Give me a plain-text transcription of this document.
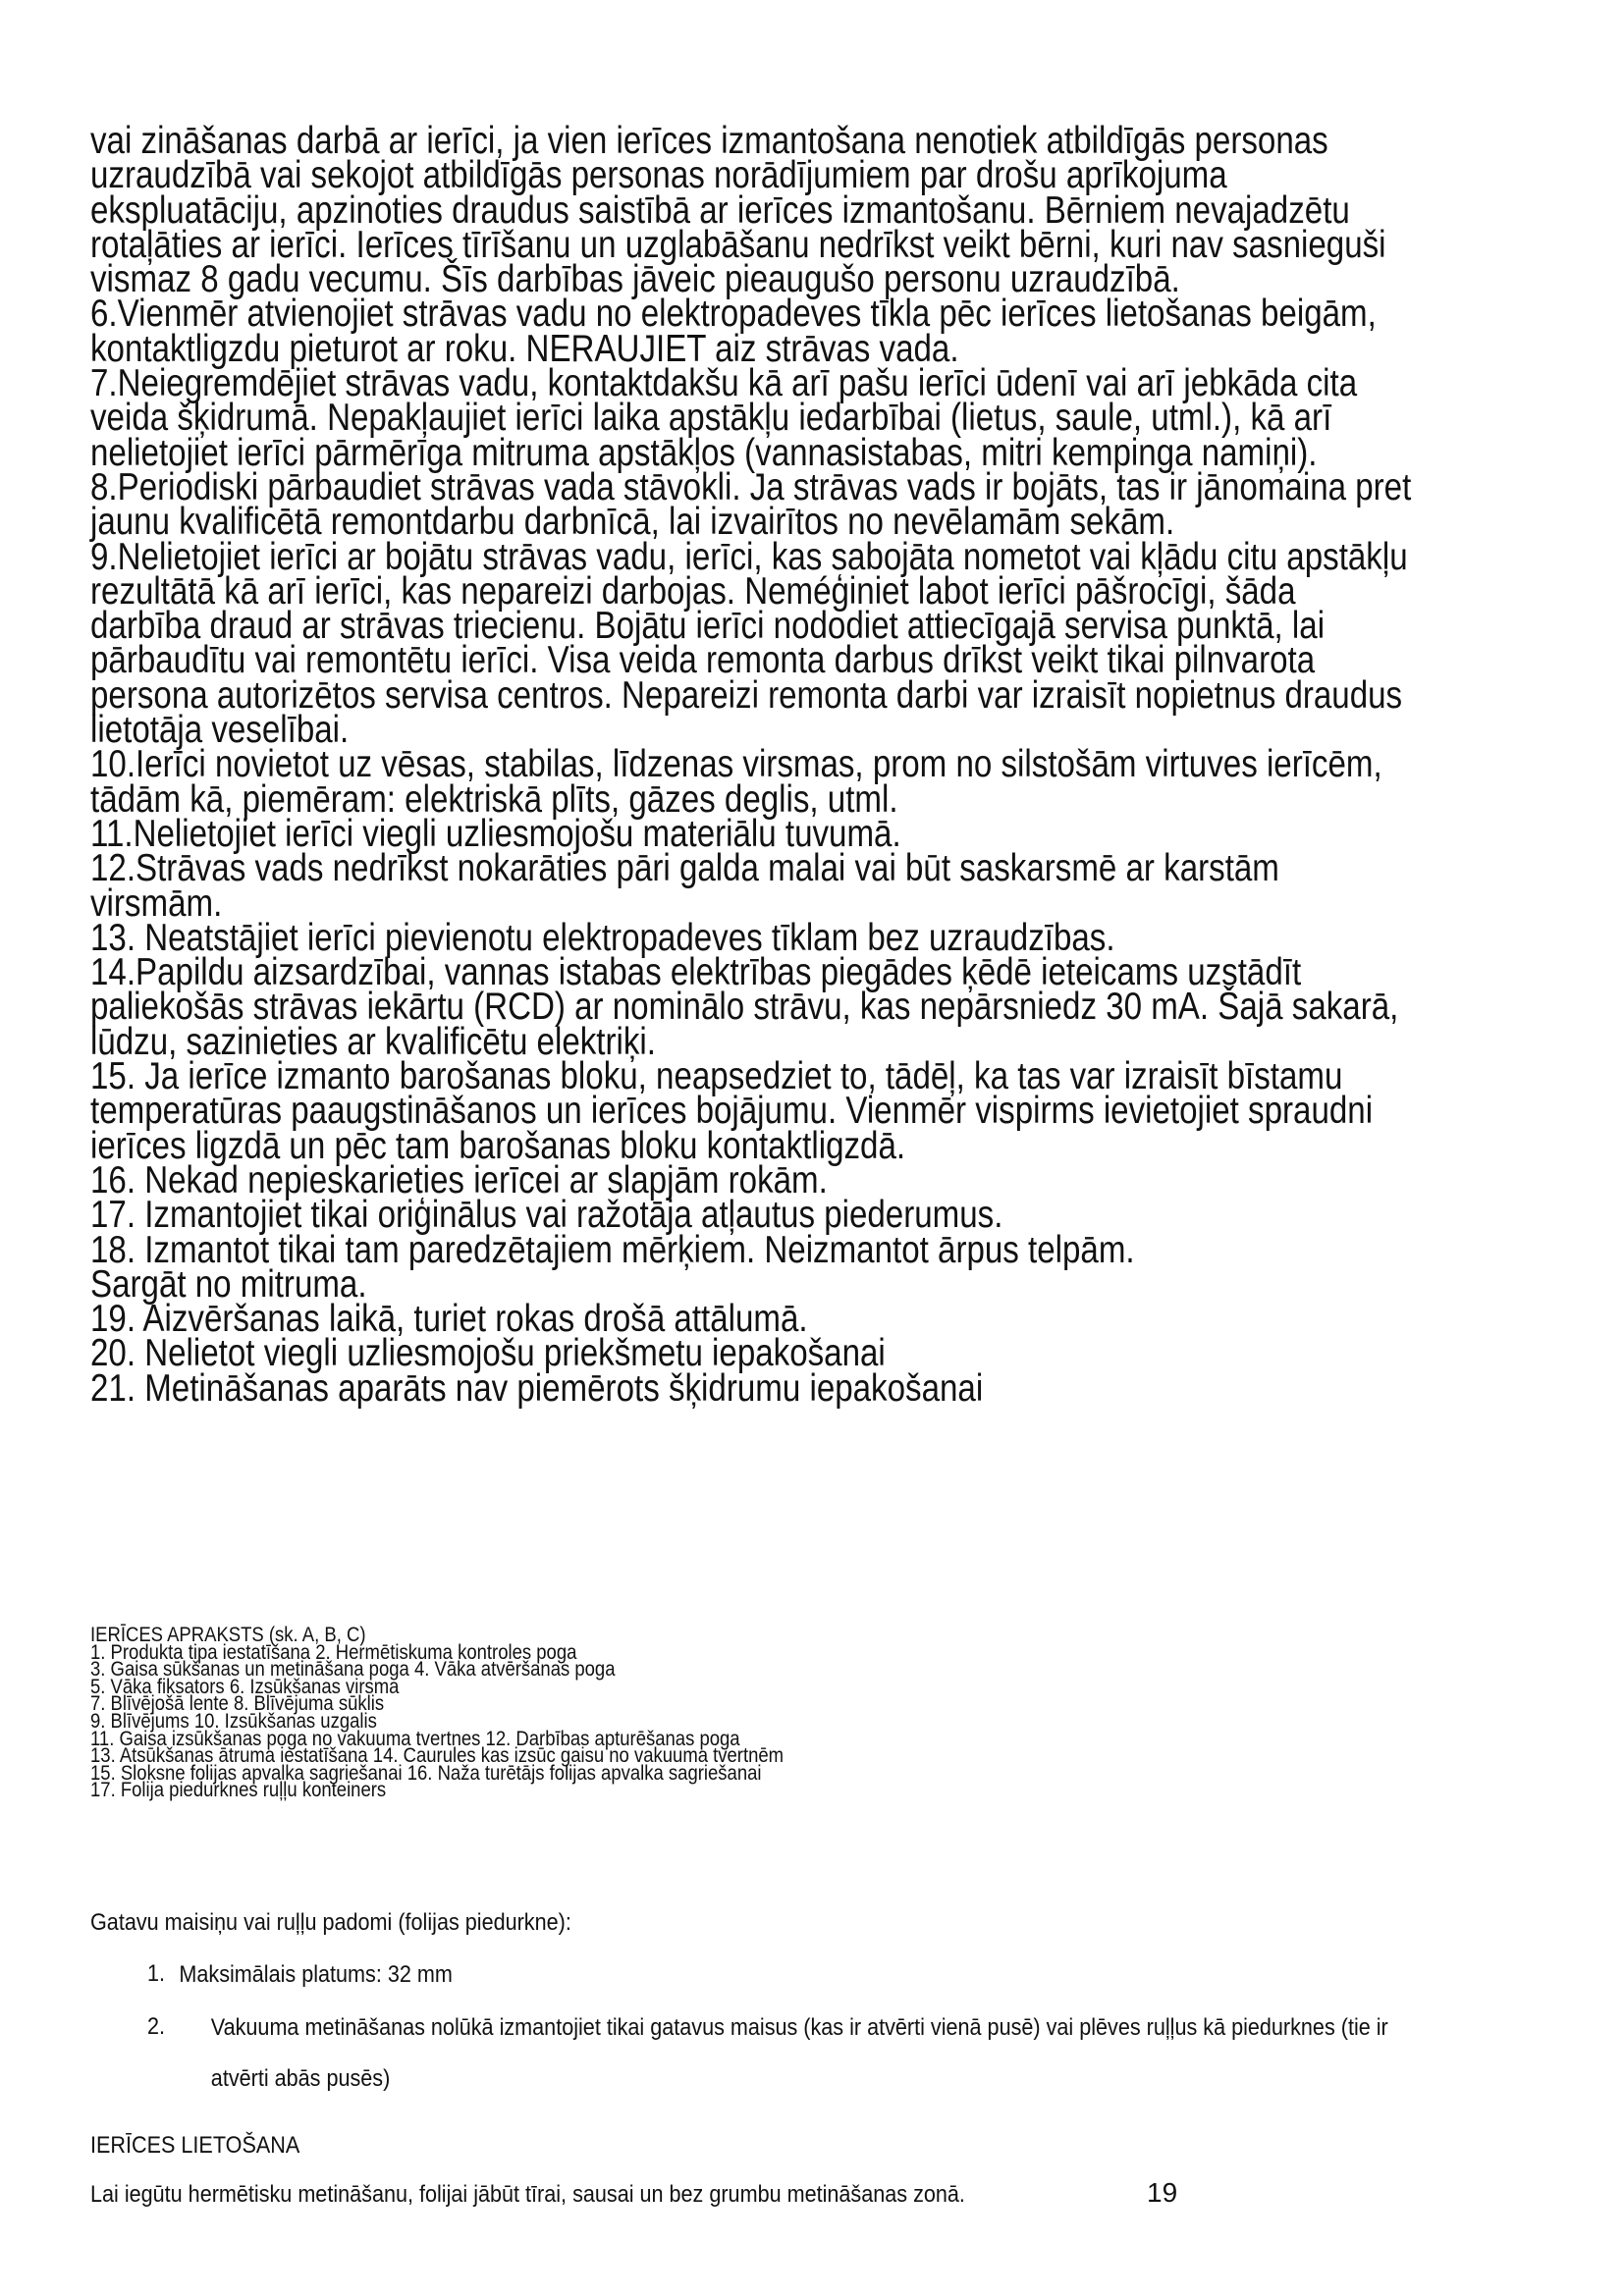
vai zināšanas darbā ar ierīci, ja vien ierīces izmantošana nenotiek atbildīgās personas

uzraudzībā vai sekojot atbildīgās personas norādījumiem par drošu aprīkojuma

ekspluatāciju, apzinoties draudus saistībā ar ierīces izmantošanu. Bērniem nevajadzētu

rotaļāties ar ierīci. Ierīces tīrīšanu un uzglabāšanu nedrīkst veikt bērni, kuri nav sasnieguši

vismaz 8 gadu vecumu. Šīs darbības jāveic pieaugušo personu uzraudzībā.

6.Vienmēr atvienojiet strāvas vadu no elektropadeves tīkla pēc ierīces lietošanas beigām,

kontaktligzdu pieturot ar roku. NERAUJIET aiz strāvas vada.

7.Neiegremdējiet strāvas vadu, kontaktdakšu kā arī pašu ierīci ūdenī vai arī jebkāda cita

veida šķidrumā. Nepakļaujiet ierīci laika apstākļu iedarbībai (lietus, saule, utml.), kā arī

nelietojiet ierīci pārmērīga mitruma apstākļos (vannasistabas, mitri kempinga namiņi).

8.Periodiski pārbaudiet strāvas vada stāvokli. Ja strāvas vads ir bojāts, tas ir jānomaina pret

jaunu kvalificētā remontdarbu darbnīcā, lai izvairītos no nevēlamām sekām.

9.Nelietojiet ierīci ar bojātu strāvas vadu, ierīci, kas sabojāta nometot vai kļādu citu apstākļu

rezultātā kā arī ierīci, kas nepareizi darbojas. Neméģiniet labot ierīci pāšrocīgi, šāda

darbība draud ar strāvas triecienu. Bojātu ierīci nododiet attiecīgajā servisa punktā, lai

pārbaudītu vai remontētu ierīci. Visa veida remonta darbus drīkst veikt tikai pilnvarota

persona autorizētos servisa centros. Nepareizi remonta darbi var izraisīt nopietnus draudus

lietotāja veselībai.

10.Ierīci novietot uz vēsas, stabilas, līdzenas virsmas, prom no silstošām virtuves ierīcēm,

tādām kā, piemēram: elektriskā plīts, gāzes deglis, utml.

11.Nelietojiet ierīci viegli uzliesmojošu materiālu tuvumā.

12.Strāvas vads nedrīkst nokarāties pāri galda malai vai būt saskarsmē ar karstām

virsmām.

13. Neatstājiet ierīci pievienotu elektropadeves tīklam bez uzraudzības.

14.Papildu aizsardzībai, vannas istabas elektrības piegādes ķēdē ieteicams uzstādīt

paliekošās strāvas iekārtu (RCD) ar nominālo strāvu, kas nepārsniedz 30 mA. Šajā sakarā,

lūdzu, sazinieties ar kvalificētu elektriķi.

15. Ja ierīce izmanto barošanas bloku, neapsedziet to, tādēļ, ka tas var izraisīt bīstamu

temperatūras paaugstināšanos un ierīces bojājumu. Vienmēr vispirms ievietojiet spraudni

ierīces ligzdā un pēc tam barošanas bloku kontaktligzdā.

16. Nekad nepieskarieties ierīcei ar slapjām rokām.

17. Izmantojiet tikai oriģinālus vai ražotāja atļautus piederumus.

18. Izmantot tikai tam paredzētajiem mērķiem. Neizmantot ārpus telpām.

Sargāt no mitruma.

19. Aizvēršanas laikā, turiet rokas drošā attālumā.

20. Nelietot viegli uzliesmojošu priekšmetu iepakošanai

21. Metināšanas aparāts nav piemērots šķidrumu iepakošanai

IERĪCES APRAKSTS (sk. A, B, C)

1. Produkta tipa iestatīšana 2. Hermētiskuma kontroles poga

3. Gaisa sūkšanas un metināšana poga 4. Vāka atvēršanas poga

5. Vāka fiksators 6. Izsūkšanas virsma

7. Blīvējošā lente 8. Blīvējuma sūklis

9. Blīvējums 10. Izsūkšanas uzgalis

11. Gaisa izsūkšanas poga no vakuuma tvertnes 12. Darbības apturēšanas poga

13. Atsūkšanas ātruma iestatīšana 14. Caurules kas izsūc gaisu no vakuuma tvertnēm

15. Sloksne folijas apvalka sagriešanai 16. Naža turētājs folijas apvalka sagriešanai

17. Folija piedurknes ruļļu konteiners

Gatavu maisiņu vai ruļļu padomi (folijas piedurkne):

1. Maksimālais platums: 32 mm
2.	Vakuuma metināšanas nolūkā izmantojiet tikai gatavus maisus (kas ir atvērti vienā pusē) vai plēves ruļļus kā piedurknes (tie ir
atvērti abās pusēs)

IERĪCES LIETOŠANA

Lai iegūtu hermētisku metināšanu, folijai jābūt tīrai, sausai un bez grumbu metināšanas zonā.	19
